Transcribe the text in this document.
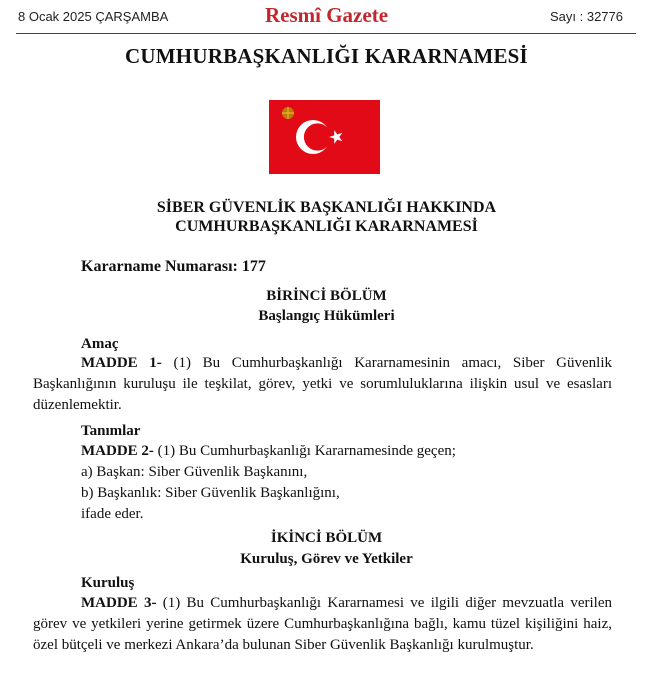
8 Ocak 2025 ÇARŞAMBA	Resmî Gazete	Sayı : 32776
CUMHURBAŞKANLIĞI KARARNAMESİ
SİBER GÜVENLİK BAŞKANLIĞI HAKKINDA
CUMHURBAŞKANLIĞI KARARNAMESİ
Kararname Numarası: 177
BİRİNCİ BÖLÜM
Başlangıç Hükümleri
Amaç
MADDE 1- (1) Bu Cumhurbaşkanlığı Kararnamesinin amacı, Siber Güvenlik
Başkanlığının kuruluşu ile teşkilat, görev, yetki ve sorumluluklarına ilişkin usul ve esasları
düzenlemektir.
Tanımlar
MADDE 2- (1) Bu Cumhurbaşkanlığı Kararnamesinde geçen;
a) Başkan: Siber Güvenlik Başkanını,
b) Başkanlık: Siber Güvenlik Başkanlığını,
ifade eder.
İKİNCİ BÖLÜM
Kuruluş, Görev ve Yetkiler
Kuruluş
MADDE 3- (1) Bu Cumhurbaşkanlığı Kararnamesi ve ilgili diğer mevzuatla verilen
görev ve yetkileri yerine getirmek üzere Cumhurbaşkanlığına bağlı, kamu tüzel kişiliğini haiz,
özel bütçeli ve merkezi Ankara’da bulunan Siber Güvenlik Başkanlığı kurulmuştur.
